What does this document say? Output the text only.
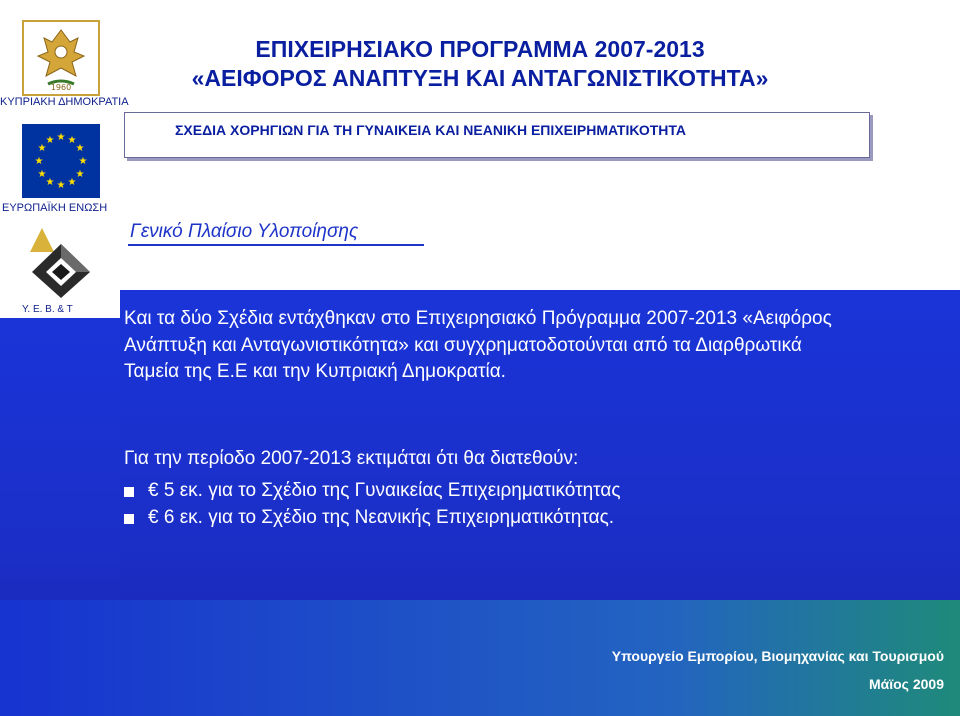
1960
ΚΥΠΡΙΑΚΗ ΔΗΜΟΚΡΑΤΙΑ
★ ★
★
★
★
★
★
★
★
★
★
★
ΕΥΡΩΠΑΪΚΗ ΕΝΩΣΗ
Υ. Ε. Β. & Τ
ΕΠΙΧΕΙΡΗΣΙΑΚΟ ΠΡΟΓΡΑΜΜΑ 2007-2013
«ΑΕΙΦΟΡΟΣ ΑΝΑΠΤΥΞΗ ΚΑΙ ΑΝΤΑΓΩΝΙΣΤΙΚΟΤΗΤΑ»
ΣΧΕΔΙΑ ΧΟΡΗΓΙΩΝ ΓΙΑ ΤΗ ΓΥΝΑΙΚΕΙΑ ΚΑΙ ΝΕΑΝΙΚΗ ΕΠΙΧΕΙΡΗΜΑΤΙΚΟΤΗΤΑ
Γενικό Πλαίσιο Υλοποίησης
Και τα δύο Σχέδια εντάχθηκαν στο Επιχειρησιακό Πρόγραμμα 2007-2013 «Αειφόρος Ανάπτυξη και Ανταγωνιστικότητα» και συγχρηματοδοτούνται από τα Διαρθρωτικά Ταμεία της Ε.Ε και την Κυπριακή Δημοκρατία.
Για την περίοδο 2007-2013 εκτιμάται ότι θα διατεθούν:
€ 5 εκ. για το Σχέδιο της Γυναικείας Επιχειρηματικότητας
€ 6 εκ. για το Σχέδιο της Νεανικής Επιχειρηματικότητας.
Υπουργείο Εμπορίου, Βιομηχανίας και Τουρισμού
Μάϊος 2009
